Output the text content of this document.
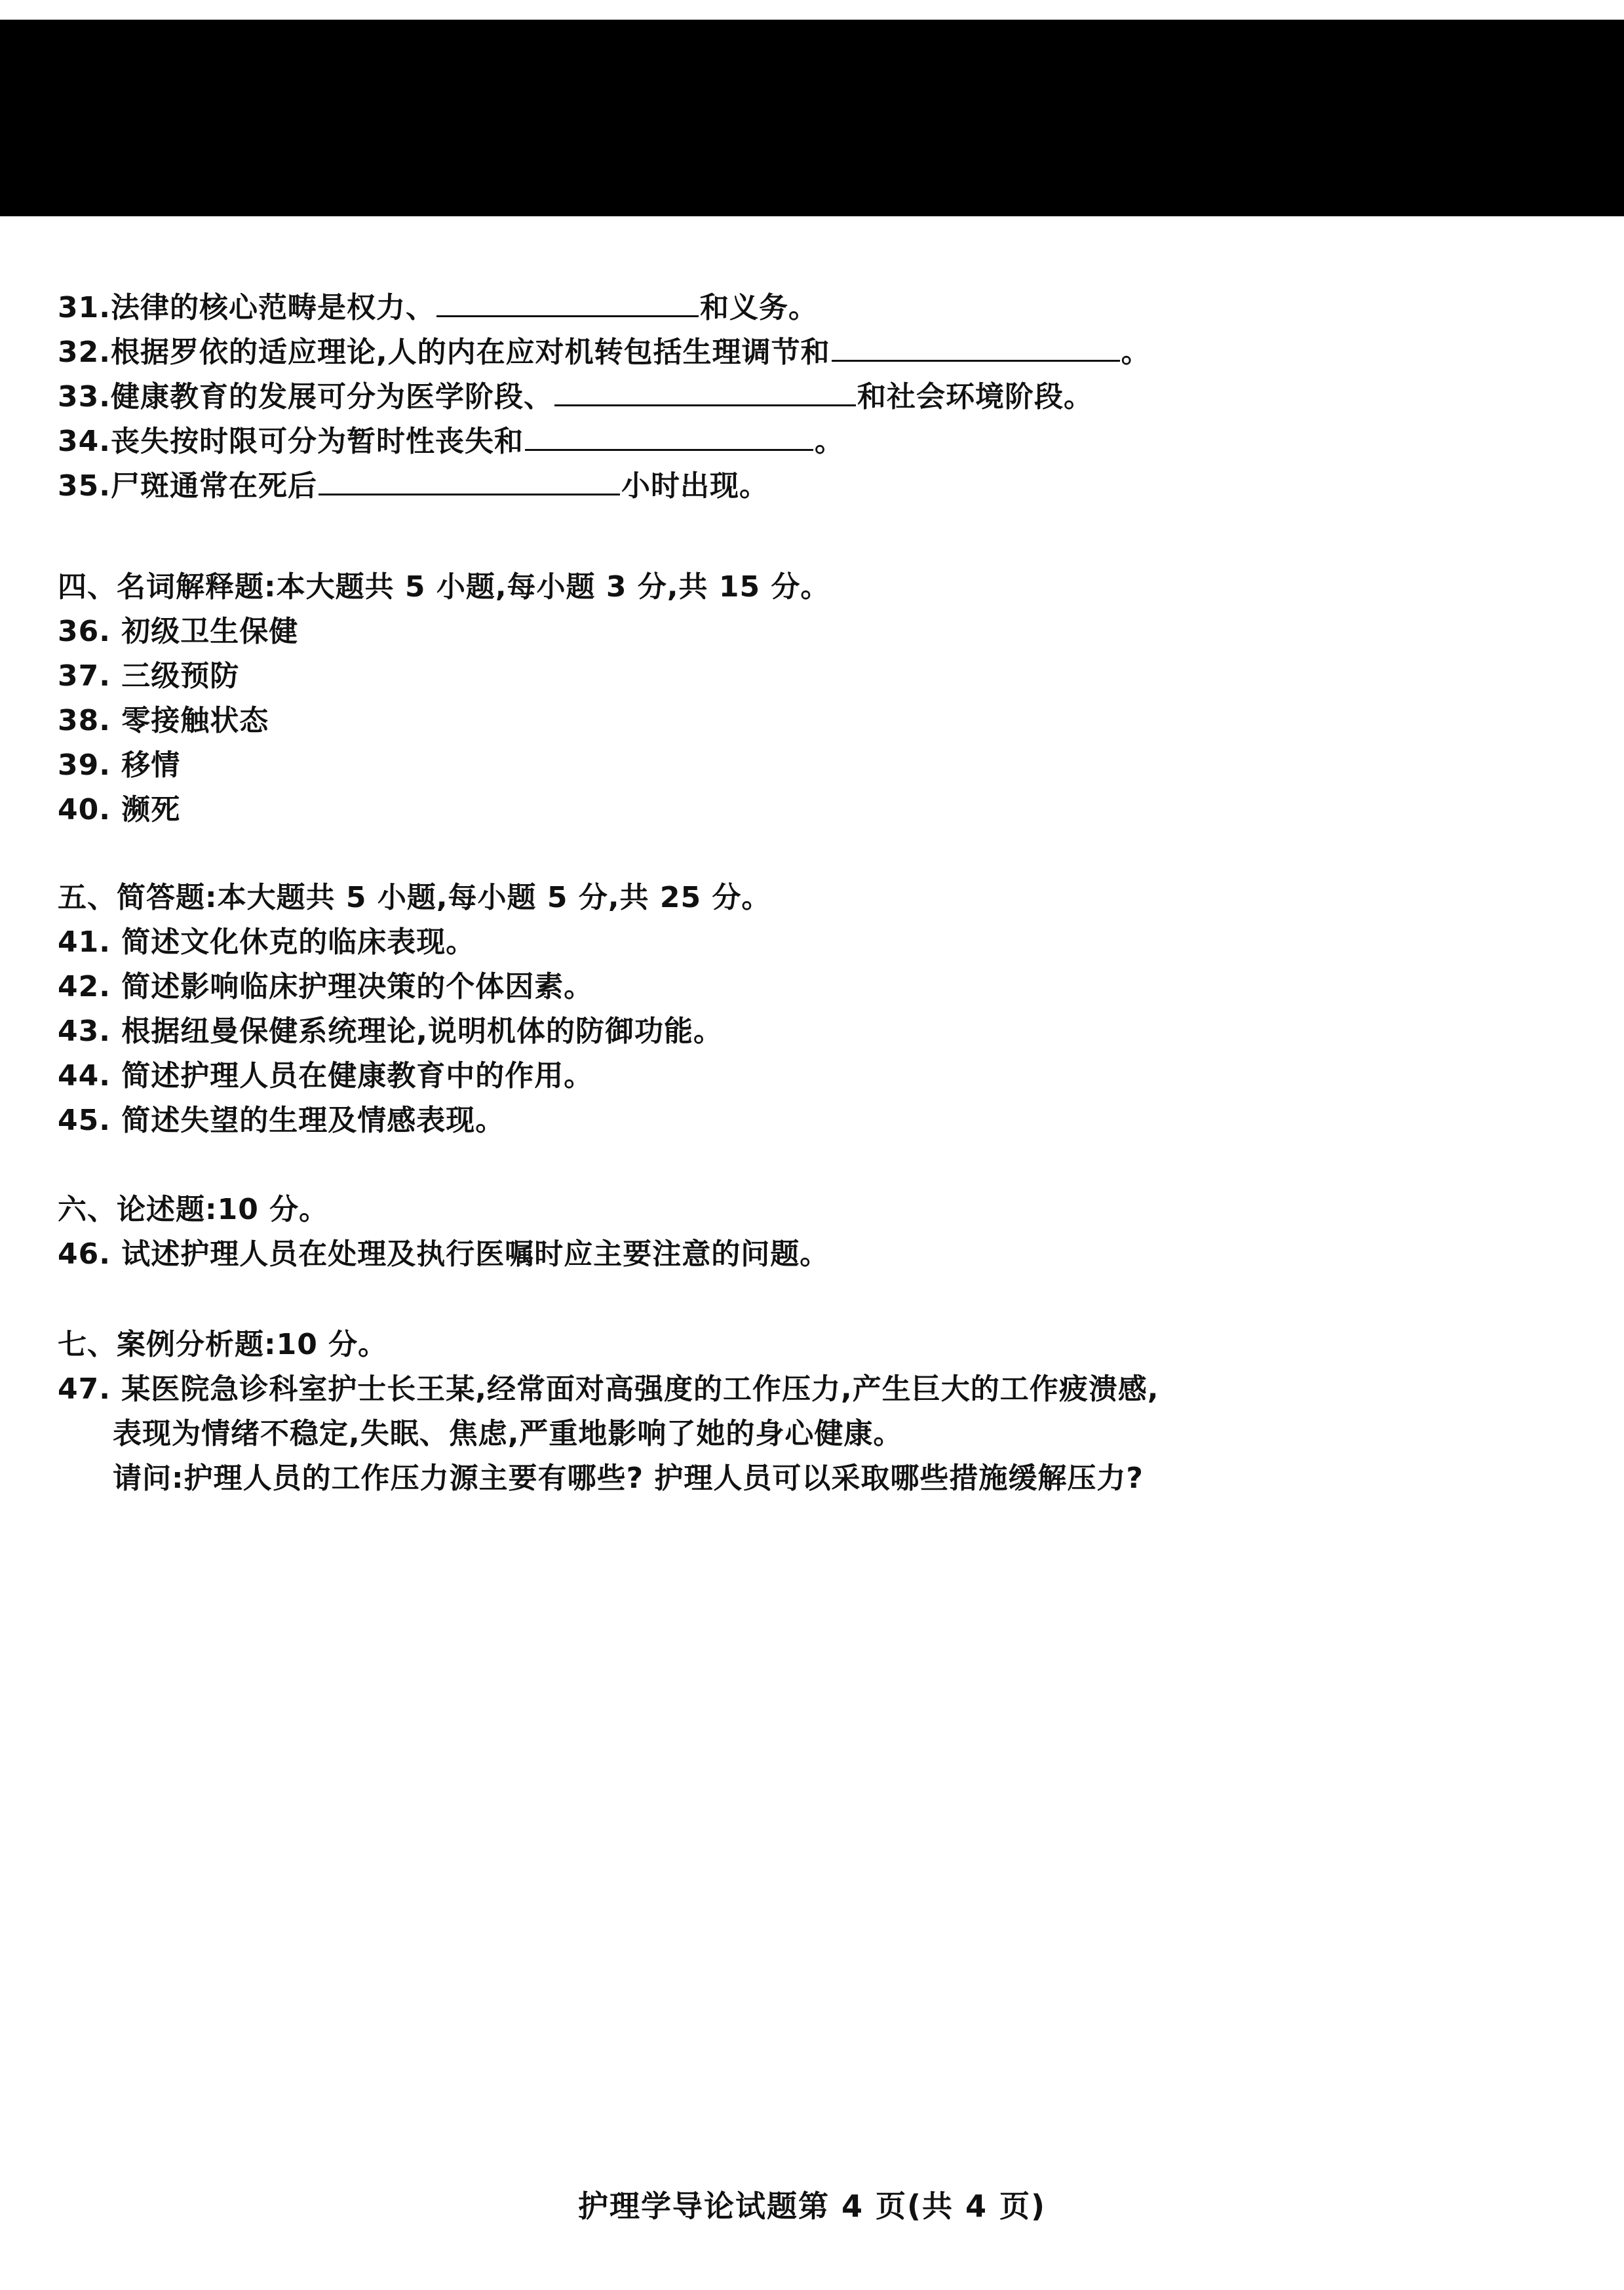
31.法律的核心范畴是权力、	和义务。
32.根据罗依的适应理论,人的内在应对机转包括生理调节和	。
33.健康教育的发展可分为医学阶段、	和社会环境阶段。
34.丧失按时限可分为暂时性丧失和	。
35.尸斑通常在死后	小时出现。
四、名词解释题:本大题共 5 小题,每小题 3 分,共 15 分。
36. 初级卫生保健
37. 三级预防
38. 零接触状态
39. 移情
40. 濒死
五、简答题:本大题共 5 小题,每小题 5 分,共 25 分。
41. 简述文化休克的临床表现。
42. 简述影响临床护理决策的个体因素。
43. 根据纽曼保健系统理论,说明机体的防御功能。
44. 简述护理人员在健康教育中的作用。
45. 简述失望的生理及情感表现。
六、论述题:10 分。
46. 试述护理人员在处理及执行医嘱时应主要注意的问题。
七、案例分析题:10 分。
47. 某医院急诊科室护士长王某,经常面对高强度的工作压力,产生巨大的工作疲溃感,
表现为情绪不稳定,失眠、焦虑,严重地影响了她的身心健康。
请问:护理人员的工作压力源主要有哪些? 护理人员可以采取哪些措施缓解压力?
护理学导论试题第 4 页(共 4 页)
